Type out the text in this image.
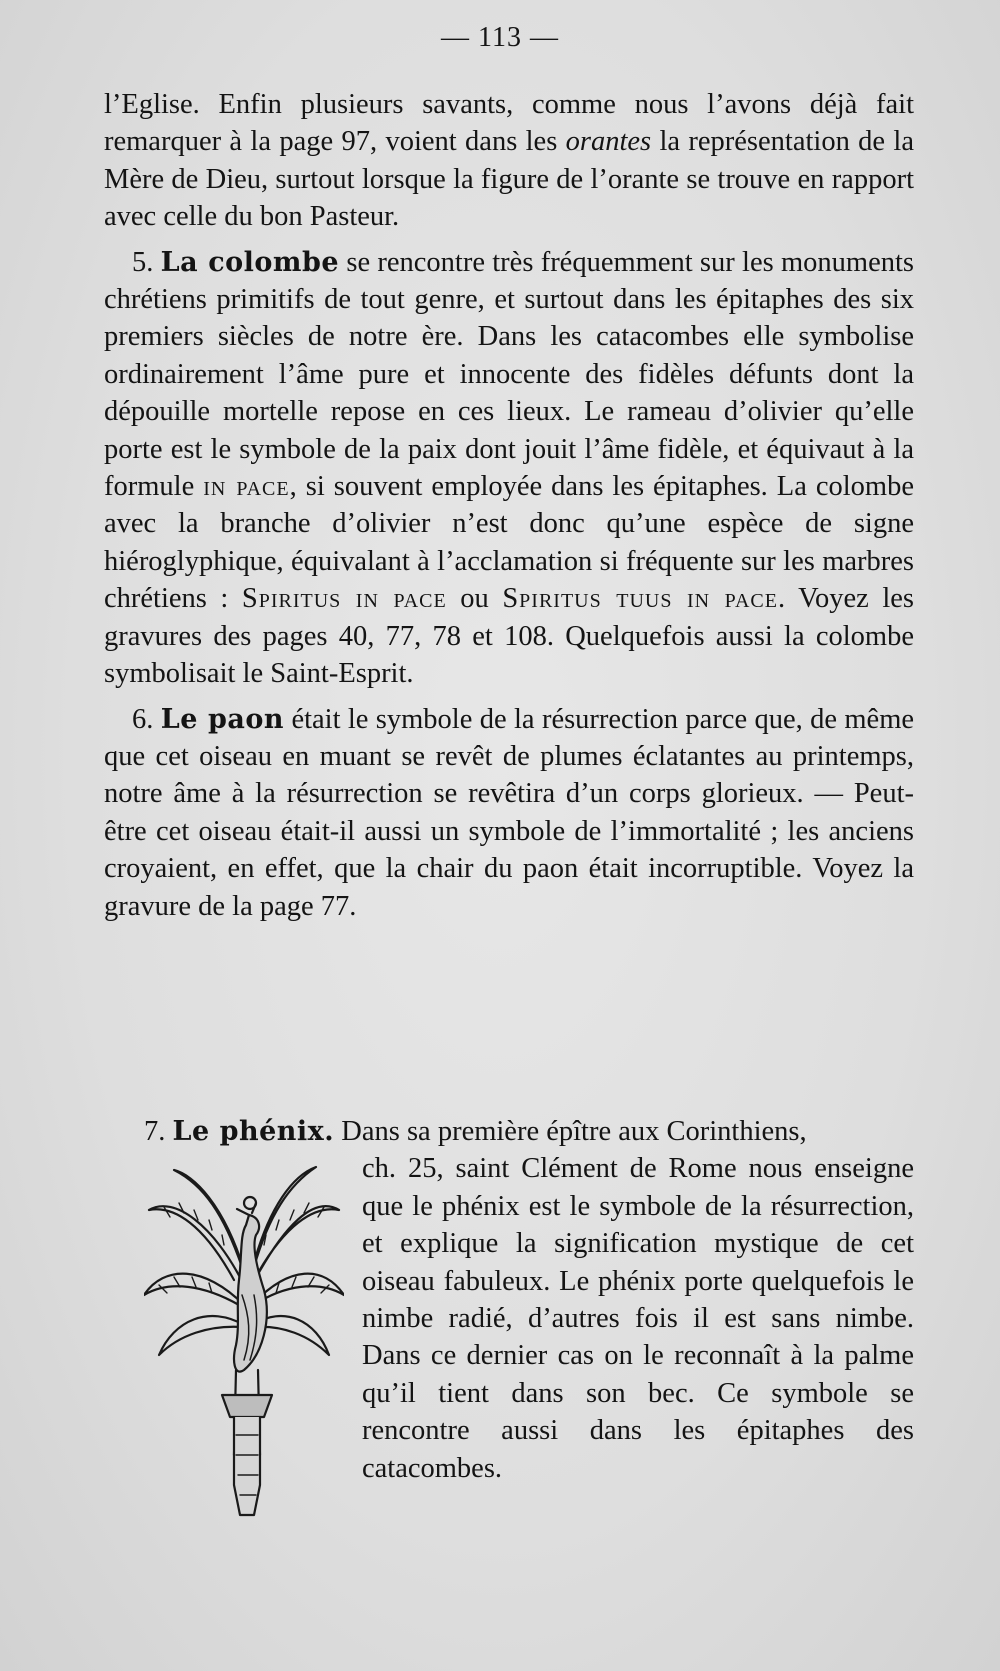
— 113 —

l’Eglise. Enfin plusieurs savants, comme nous l’avons déjà fait remarquer à la page 97, voient dans les orantes la représentation de la Mère de Dieu, surtout lorsque la figure de l’orante se trouve en rapport avec celle du bon Pasteur.

5. La colombe se rencontre très fréquemment sur les monuments chrétiens primitifs de tout genre, et surtout dans les épitaphes des six premiers siècles de notre ère. Dans les catacombes elle symbolise ordinairement l’âme pure et innocente des fidèles défunts dont la dépouille mortelle repose en ces lieux. Le rameau d’olivier qu’elle porte est le symbole de la paix dont jouit l’âme fidèle, et équivaut à la formule in pace, si souvent employée dans les épitaphes. La colombe avec la branche d’olivier n’est donc qu’une espèce de signe hiéroglyphique, équivalant à l’acclamation si fréquente sur les marbres chrétiens : Spiritus in pace ou Spiritus tuus in pace. Voyez les gravures des pages 40, 77, 78 et 108. Quelquefois aussi la colombe symbolisait le Saint-Esprit.

6. Le paon était le symbole de la résurrection parce que, de même que cet oiseau en muant se revêt de plumes éclatantes au printemps, notre âme à la résurrection se revêtira d’un corps glorieux. — Peut-être cet oiseau était-il aussi un symbole de l’immortalité ; les anciens croyaient, en effet, que la chair du paon était incorruptible. Voyez la gravure de la page 77.

7. Le phénix. Dans sa première épître aux Corinthiens,
ch. 25, saint Clément de Rome nous enseigne que le phénix est le symbole de la résurrection, et explique la signification mystique de cet oiseau fabuleux. Le phénix porte quelquefois le nimbe radié, d’autres fois il est sans nimbe. Dans ce dernier cas on le reconnaît à la palme qu’il tient dans son bec. Ce symbole se rencontre aussi dans les épitaphes des catacombes.
